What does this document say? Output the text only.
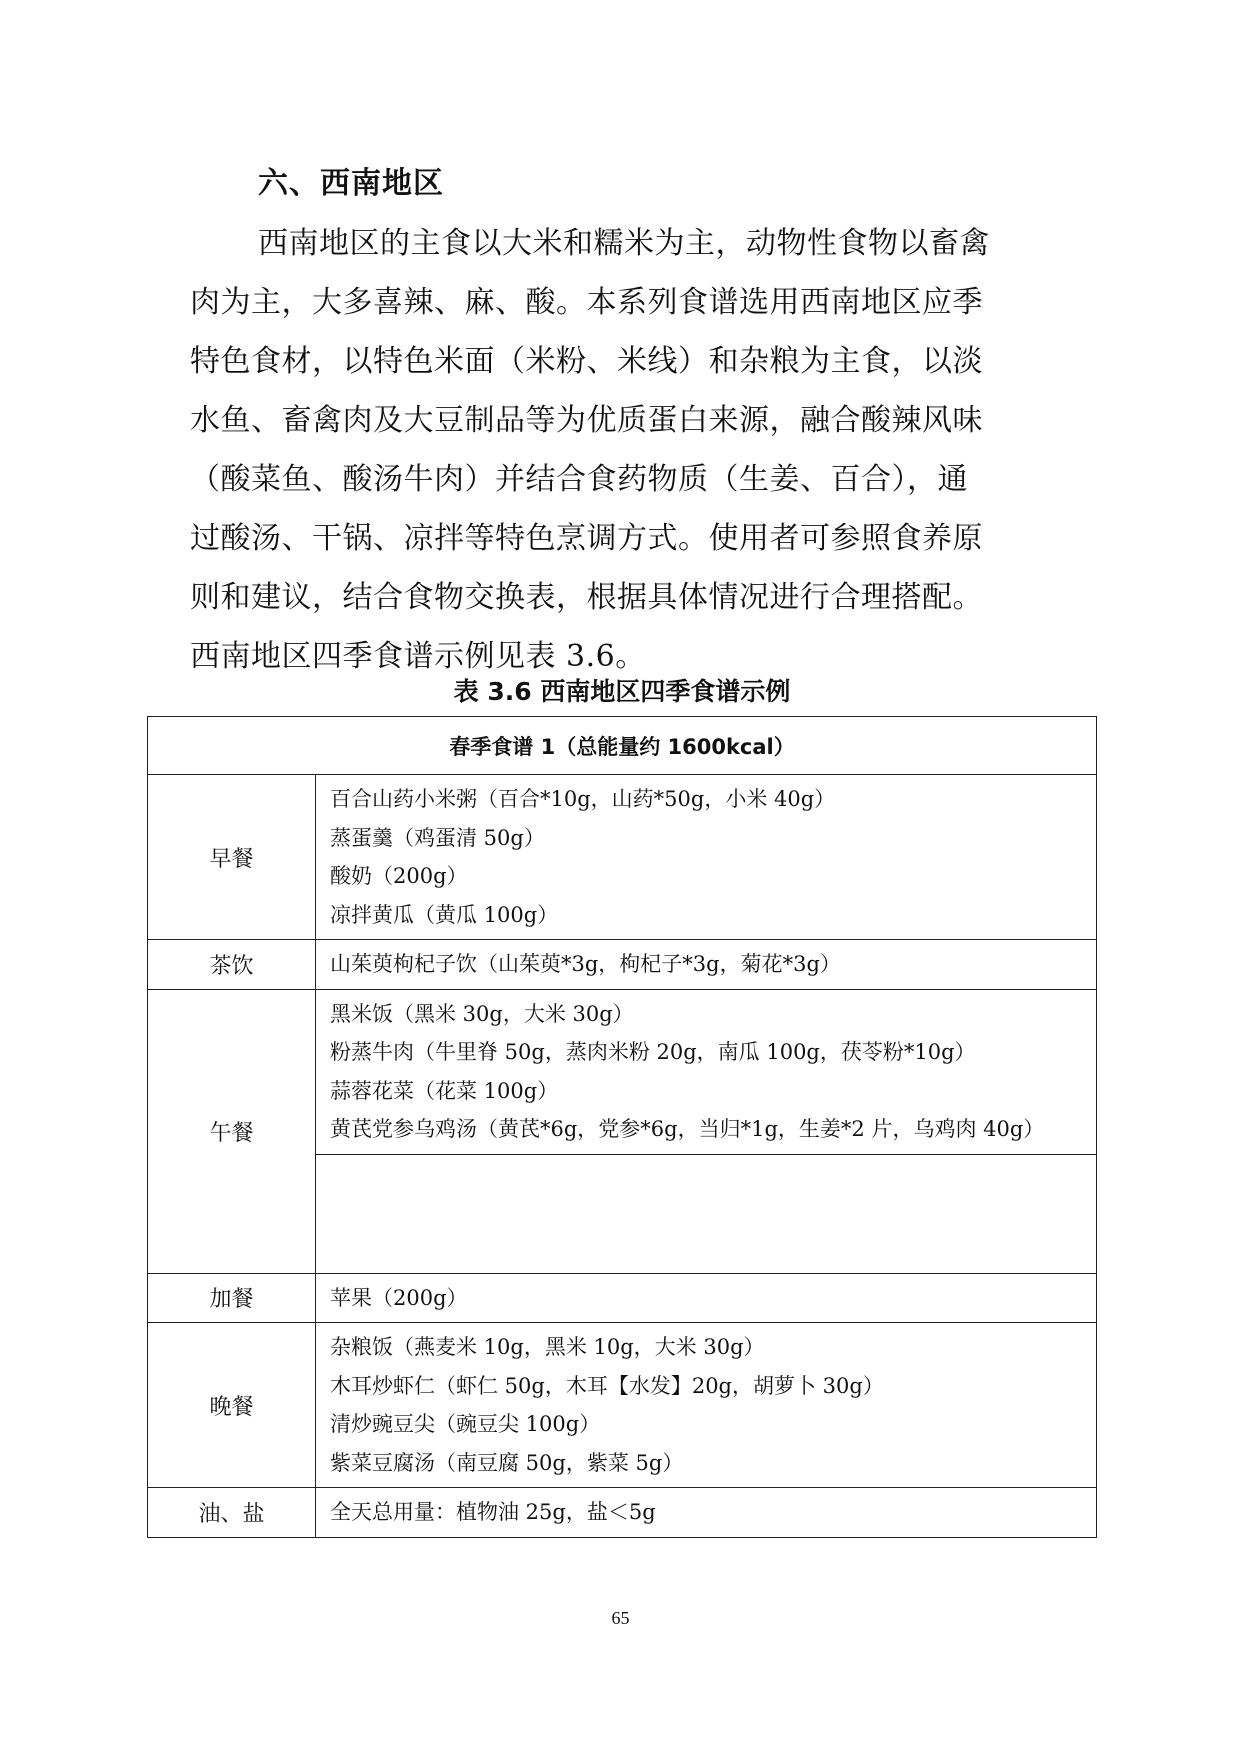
六、西南地区
西南地区的主食以大米和糯米为主，动物性食物以畜禽
肉为主，大多喜辣、麻、酸。本系列食谱选用西南地区应季
特色食材，以特色米面（米粉、米线）和杂粮为主食，以淡
水鱼、畜禽肉及大豆制品等为优质蛋白来源，融合酸辣风味
（酸菜鱼、酸汤牛肉）并结合食药物质（生姜、百合），通
过酸汤、干锅、凉拌等特色烹调方式。使用者可参照食养原
则和建议，结合食物交换表，根据具体情况进行合理搭配。
西南地区四季食谱示例见表 3.6。
表 3.6 西南地区四季食谱示例
春季食谱 1（总能量约 1600kcal）	
早餐	百合山药小米粥（百合*10g，山药*50g，小米 40g）
蒸蛋羹（鸡蛋清 50g）
酸奶（200g）
凉拌黄瓜（黄瓜 100g）

茶饮	山茱萸枸杞子饮（山茱萸*3g，枸杞子*3g，菊花*3g）

午餐	黑米饭（黑米 30g，大米 30g）
粉蒸牛肉（牛里脊 50g，蒸肉米粉 20g，南瓜 100g，茯苓粉*10g）
蒜蓉花菜（花菜 100g）
黄芪党参乌鸡汤（黄芪*6g，党参*6g，当归*1g，生姜*2 片，乌鸡肉 40g）

加餐	苹果（200g）

晚餐	杂粮饭（燕麦米 10g，黑米 10g，大米 30g）
木耳炒虾仁（虾仁 50g，木耳【水发】20g，胡萝卜 30g）
清炒豌豆尖（豌豆尖 100g）
紫菜豆腐汤（南豆腐 50g，紫菜 5g）

油、盐	全天总用量：植物油 25g，盐＜5g
65
